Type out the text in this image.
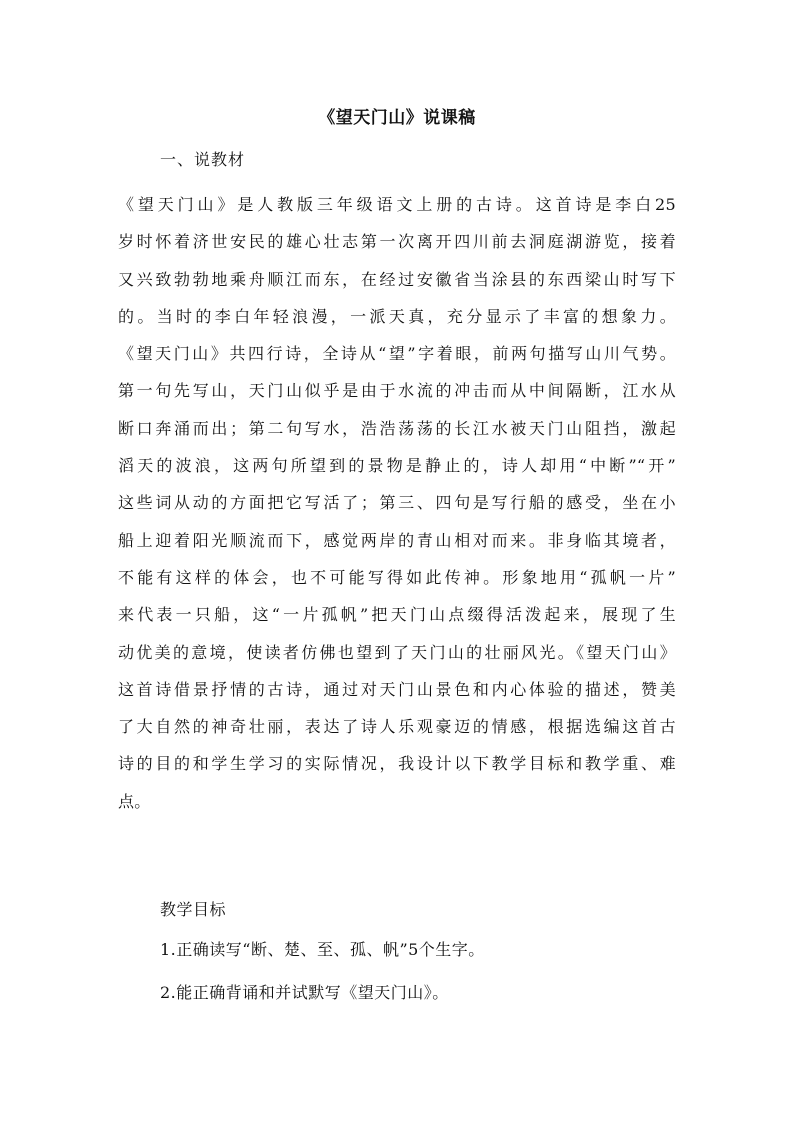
《望天门山》说课稿
一、说教材
《望天门山》是人教版三年级语文上册的古诗。这首诗是李白25
岁时怀着济世安民的雄心壮志第一次离开四川前去洞庭湖游览，接着
又兴致勃勃地乘舟顺江而东，在经过安徽省当涂县的东西梁山时写下
的。当时的李白年轻浪漫，一派天真，充分显示了丰富的想象力。
《望天门山》共四行诗，全诗从“望”字着眼，前两句描写山川气势。
第一句先写山，天门山似乎是由于水流的冲击而从中间隔断，江水从
断口奔涌而出；第二句写水，浩浩荡荡的长江水被天门山阻挡，激起
滔天的波浪，这两句所望到的景物是静止的，诗人却用“中断”“开”
这些词从动的方面把它写活了；第三、四句是写行船的感受，坐在小
船上迎着阳光顺流而下，感觉两岸的青山相对而来。非身临其境者，
不能有这样的体会，也不可能写得如此传神。形象地用“孤帆一片”
来代表一只船，这“一片孤帆”把天门山点缀得活泼起来，展现了生
动优美的意境，使读者仿佛也望到了天门山的壮丽风光。《望天门山》
这首诗借景抒情的古诗，通过对天门山景色和内心体验的描述，赞美
了大自然的神奇壮丽，表达了诗人乐观豪迈的情感，根据选编这首古
诗的目的和学生学习的实际情况，我设计以下教学目标和教学重、难
点。
教学目标
1.正确读写“断、楚、至、孤、帆”5个生字。
2.能正确背诵和并试默写《望天门山》。
